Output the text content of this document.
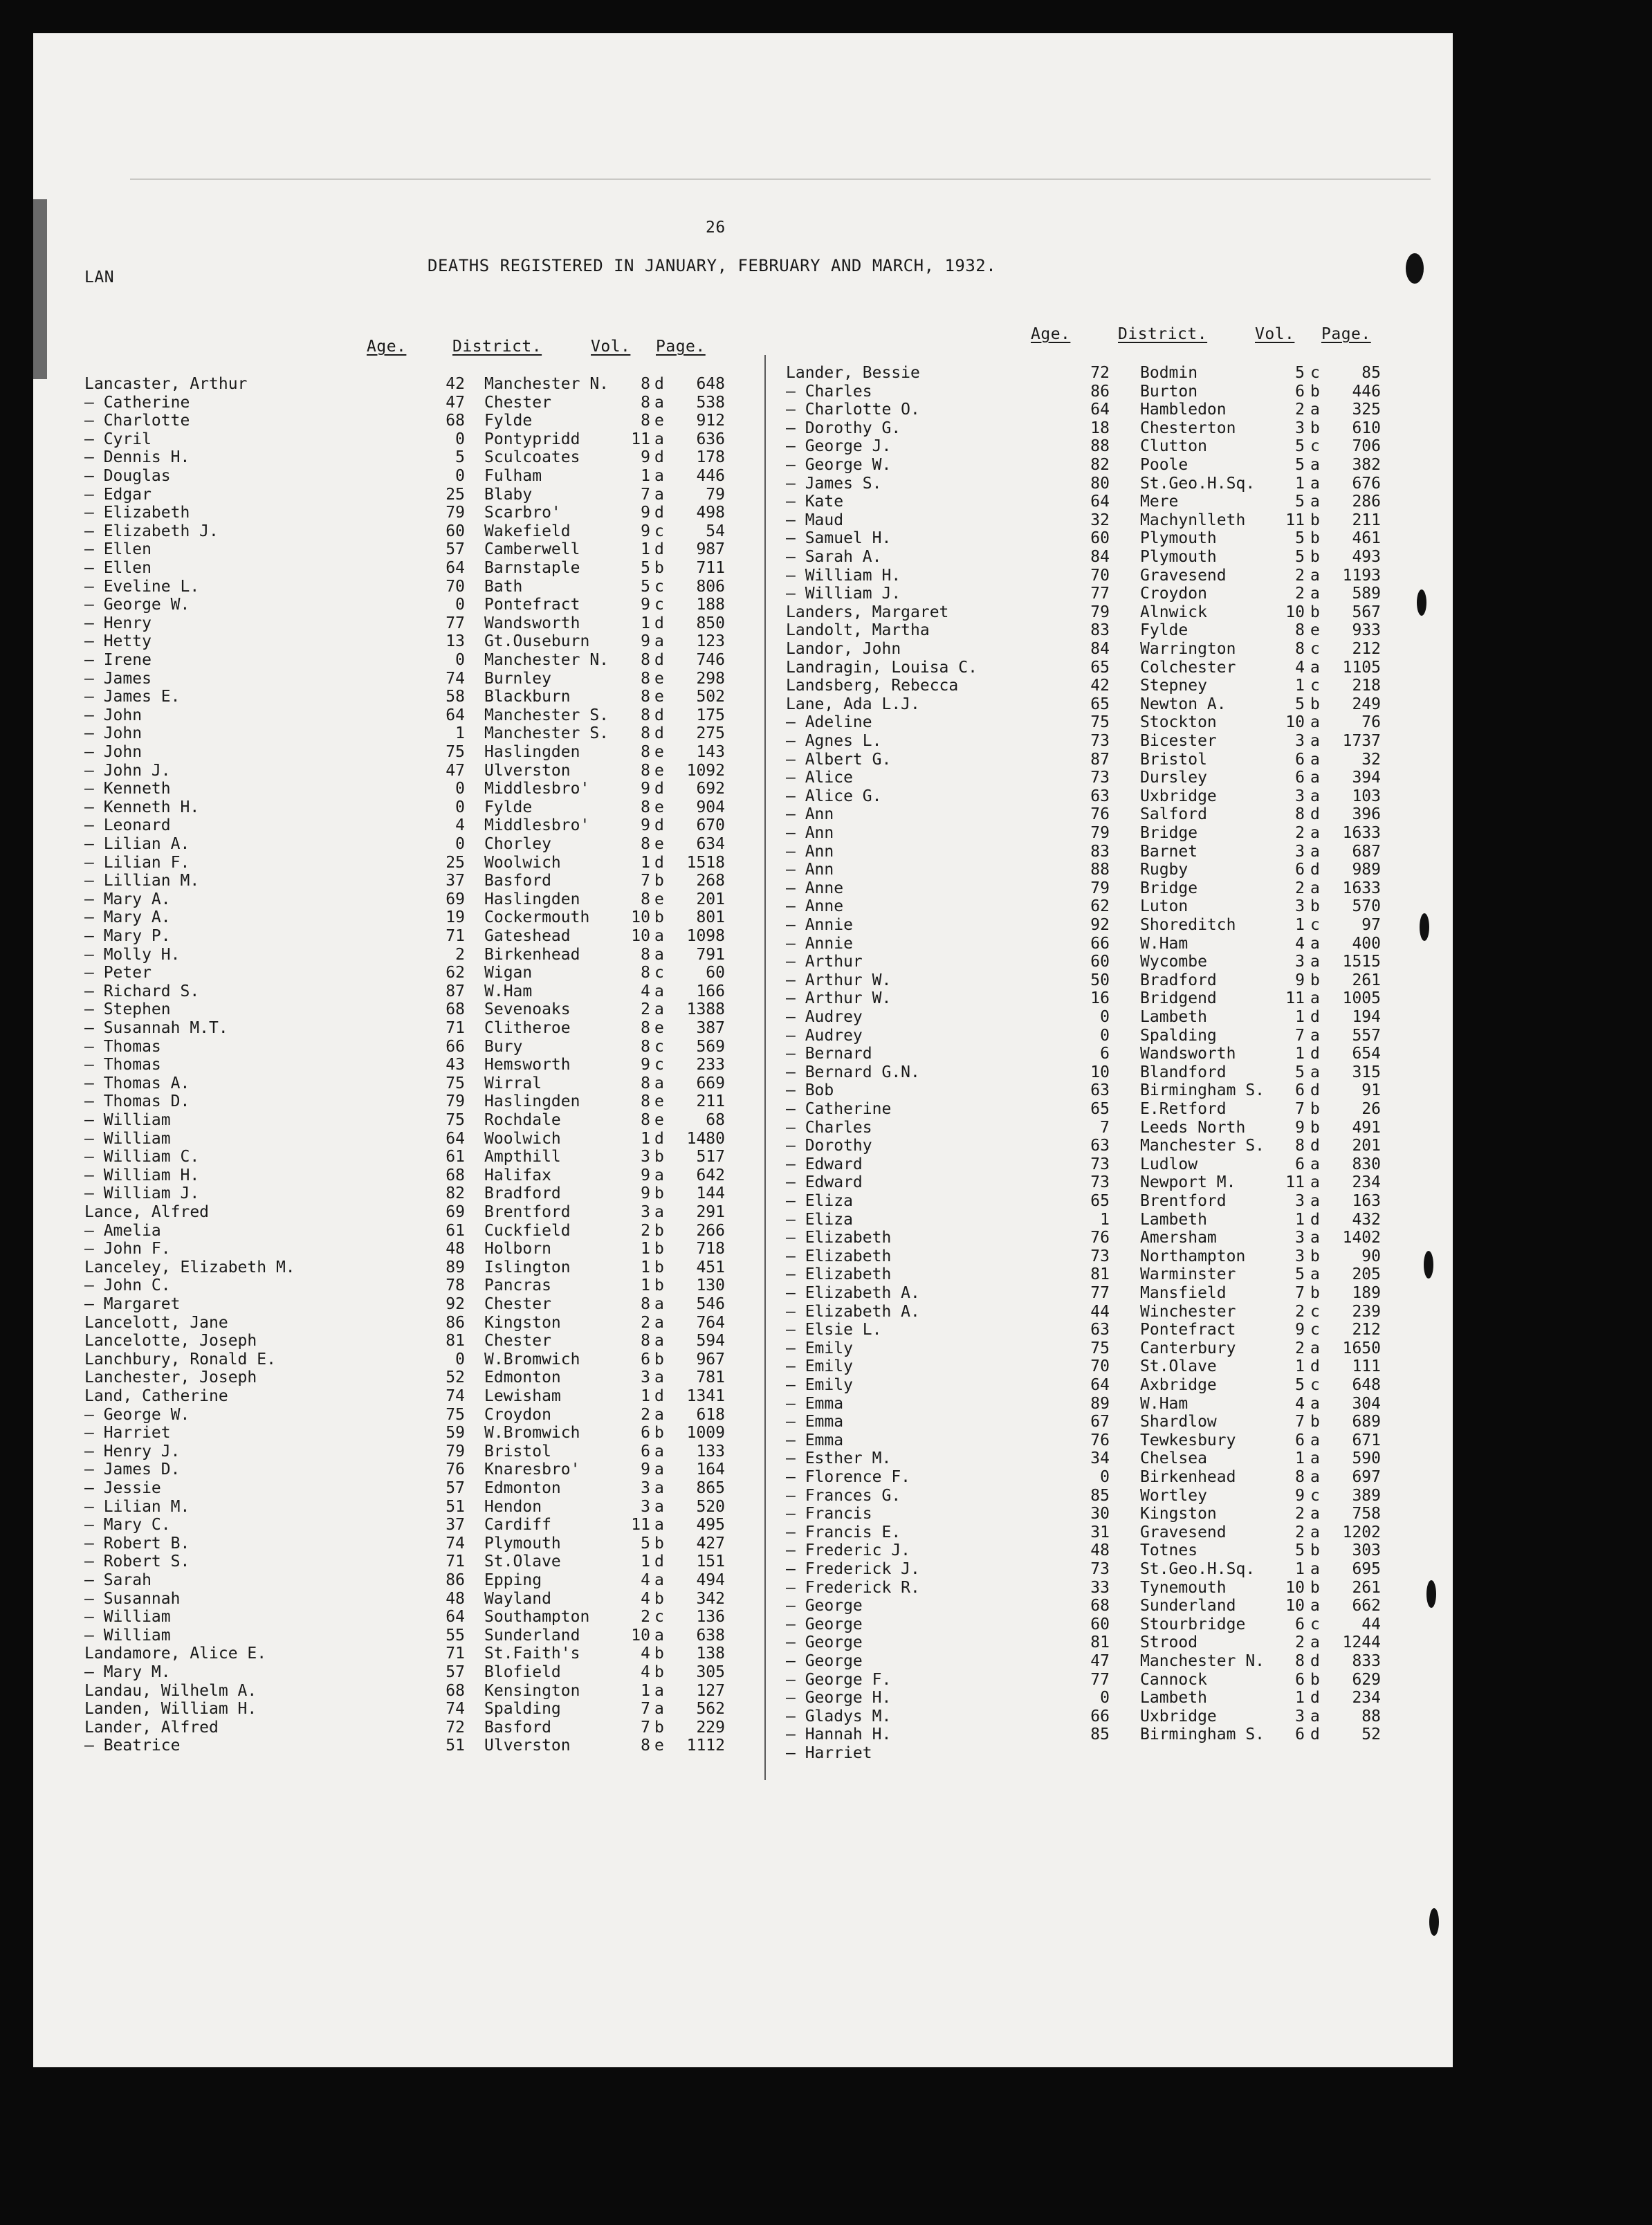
26
LAN
DEATHS REGISTERED IN JANUARY, FEBRUARY AND MARCH, 1932.
Age.	District.	Vol. Page.
Age.	District.	Vol. Page.
Lancaster, Arthur	42 Manchester N.	8 d	648
— Catherine	47 Chester	8 a	538
— Charlotte	68 Fylde	8 e	912
— Cyril	0 Pontypridd	11 a	636
— Dennis H.	5 Sculcoates	9 d	178
— Douglas	0 Fulham	1 a	446
— Edgar	25 Blaby	7 a	79
— Elizabeth	79 Scarbro'	9 d	498
— Elizabeth J.	60 Wakefield	9 c	54
— Ellen	57 Camberwell	1 d	987
— Ellen	64 Barnstaple	5 b	711
— Eveline L.	70 Bath	5 c	806
— George W.	0 Pontefract	9 c	188
— Henry	77 Wandsworth	1 d	850
— Hetty	13 Gt.Ouseburn	9 a	123
— Irene	0 Manchester N.	8 d	746
— James	74 Burnley	8 e	298
— James E.	58 Blackburn	8 e	502
— John	64 Manchester S.	8 d	175
— John	1 Manchester S.	8 d	275
— John	75 Haslingden	8 e	143
— John J.	47 Ulverston	8 e	1092
— Kenneth	0 Middlesbro'	9 d	692
— Kenneth H.	0 Fylde	8 e	904
— Leonard	4 Middlesbro'	9 d	670
— Lilian A.	0 Chorley	8 e	634
— Lilian F.	25 Woolwich	1 d	1518
— Lillian M.	37 Basford	7 b	268
— Mary A.	69 Haslingden	8 e	201
— Mary A.	19 Cockermouth	10 b	801
— Mary P.	71 Gateshead	10 a	1098
— Molly H.	2 Birkenhead	8 a	791
— Peter	62 Wigan	8 c	60
— Richard S.	87 W.Ham	4 a	166
— Stephen	68 Sevenoaks	2 a	1388
— Susannah M.T.	71 Clitheroe	8 e	387
— Thomas	66 Bury	8 c	569
— Thomas	43 Hemsworth	9 c	233
— Thomas A.	75 Wirral	8 a	669
— Thomas D.	79 Haslingden	8 e	211
— William	75 Rochdale	8 e	68
— William	64 Woolwich	1 d	1480
— William C.	61 Ampthill	3 b	517
— William H.	68 Halifax	9 a	642
— William J.	82 Bradford	9 b	144
Lance, Alfred	69 Brentford	3 a	291
— Amelia	61 Cuckfield	2 b	266
— John F.	48 Holborn	1 b	718
Lanceley, Elizabeth M.	89 Islington	1 b	451
— John C.	78 Pancras	1 b	130
— Margaret	92 Chester	8 a	546
Lancelott, Jane	86 Kingston	2 a	764
Lancelotte, Joseph	81 Chester	8 a	594
Lanchbury, Ronald E.	0 W.Bromwich	6 b	967
Lanchester, Joseph	52 Edmonton	3 a	781
Land, Catherine	74 Lewisham	1 d	1341
— George W.	75 Croydon	2 a	618
— Harriet	59 W.Bromwich	6 b	1009
— Henry J.	79 Bristol	6 a	133
— James D.	76 Knaresbro'	9 a	164
— Jessie	57 Edmonton	3 a	865
— Lilian M.	51 Hendon	3 a	520
— Mary C.	37 Cardiff	11 a	495
— Robert B.	74 Plymouth	5 b	427
— Robert S.	71 St.Olave	1 d	151
— Sarah	86 Epping	4 a	494
— Susannah	48 Wayland	4 b	342
— William	64 Southampton	2 c	136
— William	55 Sunderland	10 a	638
Landamore, Alice E.	71 St.Faith's	4 b	138
— Mary M.	57 Blofield	4 b	305
Landau, Wilhelm A.	68 Kensington	1 a	127
Landen, William H.	74 Spalding	7 a	562
Lander, Alfred	72 Basford	7 b	229
— Beatrice	51 Ulverston	8 e	1112
Lander, Bessie	72 Bodmin	5 c	85
— Charles	86 Burton	6 b	446
— Charlotte O.	64 Hambledon	2 a	325
— Dorothy G.	18 Chesterton	3 b	610
— George J.	88 Clutton	5 c	706
— George W.	82 Poole	5 a	382
— James S.	80 St.Geo.H.Sq.	1 a	676
— Kate	64 Mere	5 a	286
— Maud	32 Machynlleth	11 b	211
— Samuel H.	60 Plymouth	5 b	461
— Sarah A.	84 Plymouth	5 b	493
— William H.	70 Gravesend	2 a	1193
— William J.	77 Croydon	2 a	589
Landers, Margaret	79 Alnwick	10 b	567
Landolt, Martha	83 Fylde	8 e	933
Landor, John	84 Warrington	8 c	212
Landragin, Louisa C.	65 Colchester	4 a	1105
Landsberg, Rebecca	42 Stepney	1 c	218
Lane, Ada L.J.	65 Newton A.	5 b	249
— Adeline	75 Stockton	10 a	76
— Agnes L.	73 Bicester	3 a	1737
— Albert G.	87 Bristol	6 a	32
— Alice	73 Dursley	6 a	394
— Alice G.	63 Uxbridge	3 a	103
— Ann	76 Salford	8 d	396
— Ann	79 Bridge	2 a	1633
— Ann	83 Barnet	3 a	687
— Ann	88 Rugby	6 d	989
— Anne	79 Bridge	2 a	1633
— Anne	62 Luton	3 b	570
— Annie	92 Shoreditch	1 c	97
— Annie	66 W.Ham	4 a	400
— Arthur	60 Wycombe	3 a	1515
— Arthur W.	50 Bradford	9 b	261
— Arthur W.	16 Bridgend	11 a	1005
— Audrey	0 Lambeth	1 d	194
— Audrey	0 Spalding	7 a	557
— Bernard	6 Wandsworth	1 d	654
— Bernard G.N.	10 Blandford	5 a	315
— Bob	63 Birmingham S.	6 d	91
— Catherine	65 E.Retford	7 b	26
— Charles	7 Leeds North	9 b	491
— Dorothy	63 Manchester S.	8 d	201
— Edward	73 Ludlow	6 a	830
— Edward	73 Newport M.	11 a	234
— Eliza	65 Brentford	3 a	163
— Eliza	1 Lambeth	1 d	432
— Elizabeth	76 Amersham	3 a	1402
— Elizabeth	73 Northampton	3 b	90
— Elizabeth	81 Warminster	5 a	205
— Elizabeth A.	77 Mansfield	7 b	189
— Elizabeth A.	44 Winchester	2 c	239
— Elsie L.	63 Pontefract	9 c	212
— Emily	75 Canterbury	2 a	1650
— Emily	70 St.Olave	1 d	111
— Emily	64 Axbridge	5 c	648
— Emma	89 W.Ham	4 a	304
— Emma	67 Shardlow	7 b	689
— Emma	76 Tewkesbury	6 a	671
— Esther M.	34 Chelsea	1 a	590
— Florence F.	0 Birkenhead	8 a	697
— Frances G.	85 Wortley	9 c	389
— Francis	30 Kingston	2 a	758
— Francis E.	31 Gravesend	2 a	1202
— Frederic J.	48 Totnes	5 b	303
— Frederick J.	73 St.Geo.H.Sq.	1 a	695
— Frederick R.	33 Tynemouth	10 b	261
— George	68 Sunderland	10 a	662
— George	60 Stourbridge	6 c	44
— George	81 Strood	2 a	1244
— George	47 Manchester N.	8 d	833
— George F.	77 Cannock	6 b	629
— George H.	0 Lambeth	1 d	234
— Gladys M.	66 Uxbridge	3 a	88
— Hannah H.	85 Birmingham S.	6 d	52
— Harriet
